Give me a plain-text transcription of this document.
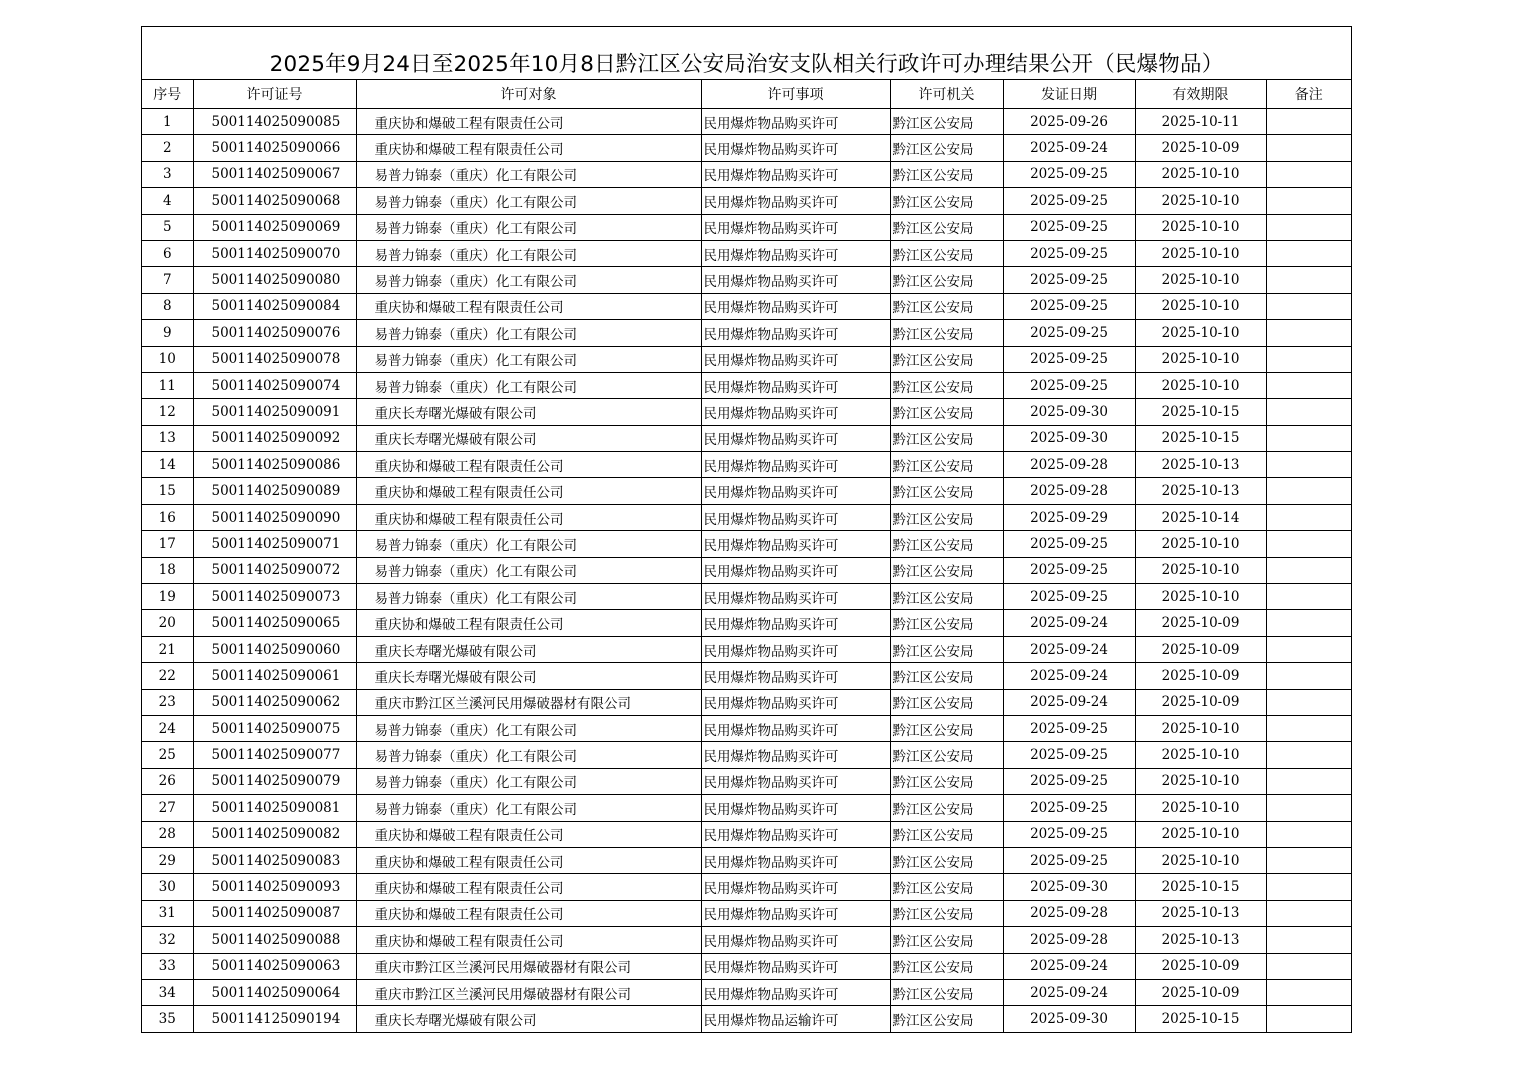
2025年9月24日至2025年10月8日黔江区公安局治安支队相关行政许可办理结果公开（民爆物品）
序号	许可证号	许可对象	许可事项	许可机关	发证日期	有效期限	备注
1	500114025090085	重庆协和爆破工程有限责任公司	民用爆炸物品购买许可	黔江区公安局	2025-09-26	2025-10-11	
2	500114025090066	重庆协和爆破工程有限责任公司	民用爆炸物品购买许可	黔江区公安局	2025-09-24	2025-10-09	
3	500114025090067	易普力锦泰（重庆）化工有限公司	民用爆炸物品购买许可	黔江区公安局	2025-09-25	2025-10-10	
4	500114025090068	易普力锦泰（重庆）化工有限公司	民用爆炸物品购买许可	黔江区公安局	2025-09-25	2025-10-10	
5	500114025090069	易普力锦泰（重庆）化工有限公司	民用爆炸物品购买许可	黔江区公安局	2025-09-25	2025-10-10	
6	500114025090070	易普力锦泰（重庆）化工有限公司	民用爆炸物品购买许可	黔江区公安局	2025-09-25	2025-10-10	
7	500114025090080	易普力锦泰（重庆）化工有限公司	民用爆炸物品购买许可	黔江区公安局	2025-09-25	2025-10-10	
8	500114025090084	重庆协和爆破工程有限责任公司	民用爆炸物品购买许可	黔江区公安局	2025-09-25	2025-10-10	
9	500114025090076	易普力锦泰（重庆）化工有限公司	民用爆炸物品购买许可	黔江区公安局	2025-09-25	2025-10-10	
10	500114025090078	易普力锦泰（重庆）化工有限公司	民用爆炸物品购买许可	黔江区公安局	2025-09-25	2025-10-10	
11	500114025090074	易普力锦泰（重庆）化工有限公司	民用爆炸物品购买许可	黔江区公安局	2025-09-25	2025-10-10	
12	500114025090091	重庆长寿曙光爆破有限公司	民用爆炸物品购买许可	黔江区公安局	2025-09-30	2025-10-15	
13	500114025090092	重庆长寿曙光爆破有限公司	民用爆炸物品购买许可	黔江区公安局	2025-09-30	2025-10-15	
14	500114025090086	重庆协和爆破工程有限责任公司	民用爆炸物品购买许可	黔江区公安局	2025-09-28	2025-10-13	
15	500114025090089	重庆协和爆破工程有限责任公司	民用爆炸物品购买许可	黔江区公安局	2025-09-28	2025-10-13	
16	500114025090090	重庆协和爆破工程有限责任公司	民用爆炸物品购买许可	黔江区公安局	2025-09-29	2025-10-14	
17	500114025090071	易普力锦泰（重庆）化工有限公司	民用爆炸物品购买许可	黔江区公安局	2025-09-25	2025-10-10	
18	500114025090072	易普力锦泰（重庆）化工有限公司	民用爆炸物品购买许可	黔江区公安局	2025-09-25	2025-10-10	
19	500114025090073	易普力锦泰（重庆）化工有限公司	民用爆炸物品购买许可	黔江区公安局	2025-09-25	2025-10-10	
20	500114025090065	重庆协和爆破工程有限责任公司	民用爆炸物品购买许可	黔江区公安局	2025-09-24	2025-10-09	
21	500114025090060	重庆长寿曙光爆破有限公司	民用爆炸物品购买许可	黔江区公安局	2025-09-24	2025-10-09	
22	500114025090061	重庆长寿曙光爆破有限公司	民用爆炸物品购买许可	黔江区公安局	2025-09-24	2025-10-09	
23	500114025090062	重庆市黔江区兰溪河民用爆破器材有限公司	民用爆炸物品购买许可	黔江区公安局	2025-09-24	2025-10-09	
24	500114025090075	易普力锦泰（重庆）化工有限公司	民用爆炸物品购买许可	黔江区公安局	2025-09-25	2025-10-10	
25	500114025090077	易普力锦泰（重庆）化工有限公司	民用爆炸物品购买许可	黔江区公安局	2025-09-25	2025-10-10	
26	500114025090079	易普力锦泰（重庆）化工有限公司	民用爆炸物品购买许可	黔江区公安局	2025-09-25	2025-10-10	
27	500114025090081	易普力锦泰（重庆）化工有限公司	民用爆炸物品购买许可	黔江区公安局	2025-09-25	2025-10-10	
28	500114025090082	重庆协和爆破工程有限责任公司	民用爆炸物品购买许可	黔江区公安局	2025-09-25	2025-10-10	
29	500114025090083	重庆协和爆破工程有限责任公司	民用爆炸物品购买许可	黔江区公安局	2025-09-25	2025-10-10	
30	500114025090093	重庆协和爆破工程有限责任公司	民用爆炸物品购买许可	黔江区公安局	2025-09-30	2025-10-15	
31	500114025090087	重庆协和爆破工程有限责任公司	民用爆炸物品购买许可	黔江区公安局	2025-09-28	2025-10-13	
32	500114025090088	重庆协和爆破工程有限责任公司	民用爆炸物品购买许可	黔江区公安局	2025-09-28	2025-10-13	
33	500114025090063	重庆市黔江区兰溪河民用爆破器材有限公司	民用爆炸物品购买许可	黔江区公安局	2025-09-24	2025-10-09	
34	500114025090064	重庆市黔江区兰溪河民用爆破器材有限公司	民用爆炸物品购买许可	黔江区公安局	2025-09-24	2025-10-09	
35	500114125090194	重庆长寿曙光爆破有限公司	民用爆炸物品运输许可	黔江区公安局	2025-09-30	2025-10-15	
